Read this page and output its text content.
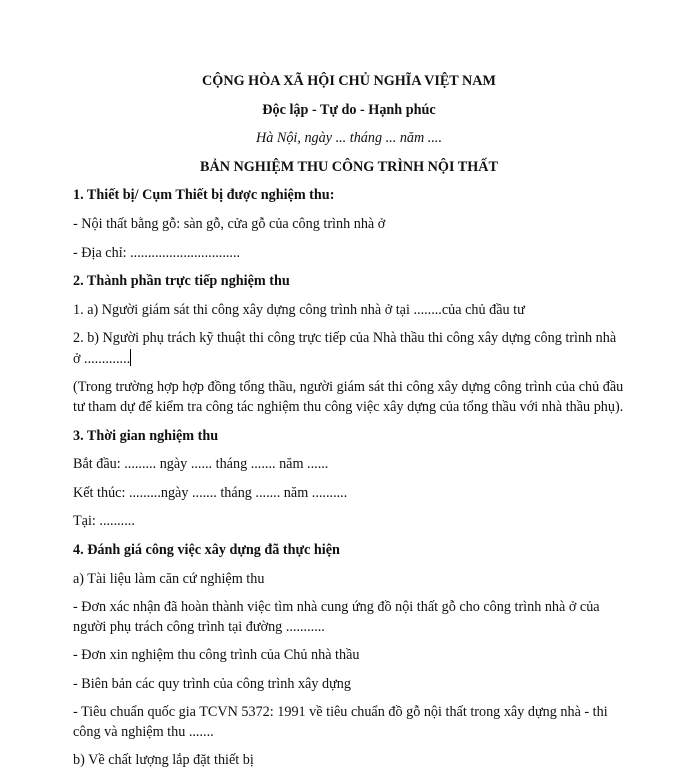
CỘNG HÒA XÃ HỘI CHỦ NGHĨA VIỆT NAM

Độc lập - Tự do - Hạnh phúc

Hà Nội, ngày ... tháng ... năm ....

BẢN NGHIỆM THU CÔNG TRÌNH NỘI THẤT

1. Thiết bị/ Cụm Thiết bị được nghiệm thu:

- Nội thất bằng gỗ: sàn gỗ, cửa gỗ của công trình nhà ở

- Địa chỉ: ...............................

2. Thành phần trực tiếp nghiệm thu

1. a) Người giám sát thi công xây dựng công trình nhà ở tại ........của chủ đầu tư

2. b) Người phụ trách kỹ thuật thi công trực tiếp của Nhà thầu thi công xây dựng công trình nhà
ở .............

(Trong trường hợp hợp đồng tổng thầu, người giám sát thi công xây dựng công trình của chủ đầu
tư tham dự để kiểm tra công tác nghiệm thu công việc xây dựng của tổng thầu với nhà thầu phụ).

3. Thời gian nghiệm thu

Bắt đầu: ......... ngày ...... tháng ....... năm ......

Kết thúc: .........ngày ....... tháng ....... năm ..........

Tại: ..........

4. Đánh giá công việc xây dựng đã thực hiện

a) Tài liệu làm căn cứ nghiệm thu

- Đơn xác nhận đã hoàn thành việc tìm nhà cung ứng đồ nội thất gỗ cho công trình nhà ở của
người phụ trách công trình tại đường ...........

- Đơn xin nghiệm thu công trình của Chủ nhà thầu

- Biên bản các quy trình của công trình xây dựng

- Tiêu chuẩn quốc gia TCVN 5372: 1991 về tiêu chuẩn đồ gỗ nội thất trong xây dựng nhà - thi
công và nghiệm thu .......

b) Về chất lượng lắp đặt thiết bị
